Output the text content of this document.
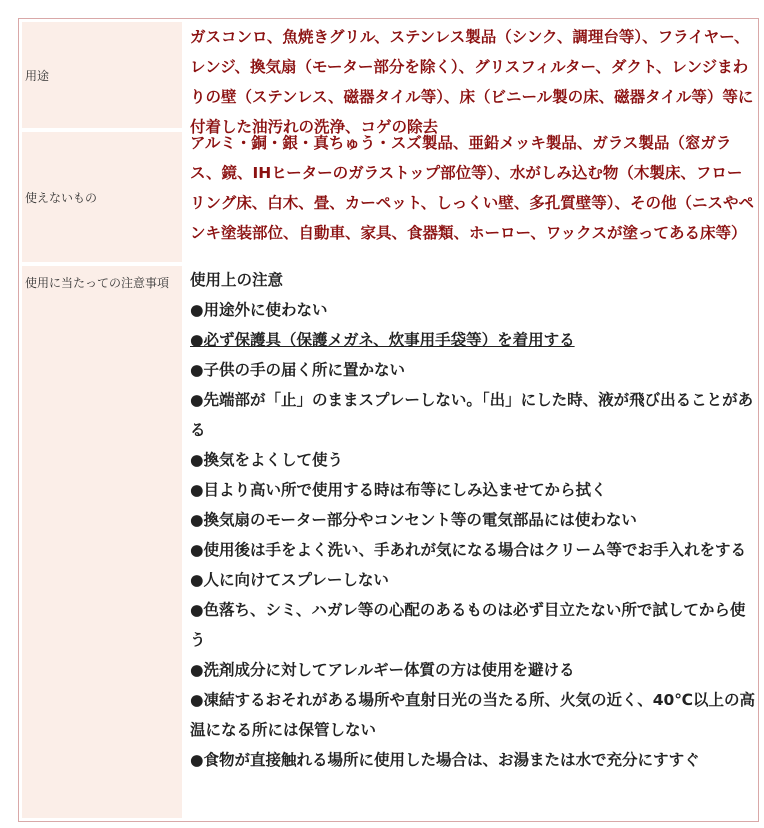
用途
ガスコンロ、魚焼きグリル、ステンレス製品（シンク、調理台等）、フライヤー、レンジ、換気扇（モーター部分を除く）、グリスフィルター、ダクト、レンジまわりの壁（ステンレス、磁器タイル等）、床（ビニール製の床、磁器タイル等）等に付着した油汚れの洗浄、コゲの除去
使えないもの
アルミ・銅・銀・真ちゅう・スズ製品、亜鉛メッキ製品、ガラス製品（窓ガラス、鏡、IHヒーターのガラストップ部位等）、水がしみ込む物（木製床、フローリング床、白木、畳、カーペット、しっくい壁、多孔質壁等）、その他（ニスやペンキ塗装部位、自動車、家具、食器類、ホーロー、ワックスが塗ってある床等）
使用に当たっての注意事項	使用上の注意

●用途外に使わない

●必ず保護具（保護メガネ、炊事用手袋等）を着用する

●子供の手の届く所に置かない

●先端部が「止」のままスプレーしない。「出」にした時、液が飛び出ることがある

●換気をよくして使う

●目より高い所で使用する時は布等にしみ込ませてから拭く

●換気扇のモーター部分やコンセント等の電気部品には使わない

●使用後は手をよく洗い、手あれが気になる場合はクリーム等でお手入れをする

●人に向けてスプレーしない

●色落ち、シミ、ハガレ等の心配のあるものは必ず目立たない所で試してから使う

●洗剤成分に対してアレルギー体質の方は使用を避ける

●凍結するおそれがある場所や直射日光の当たる所、火気の近く、40℃以上の高温になる所には保管しない

●食物が直接触れる場所に使用した場合は、お湯または水で充分にすすぐ
